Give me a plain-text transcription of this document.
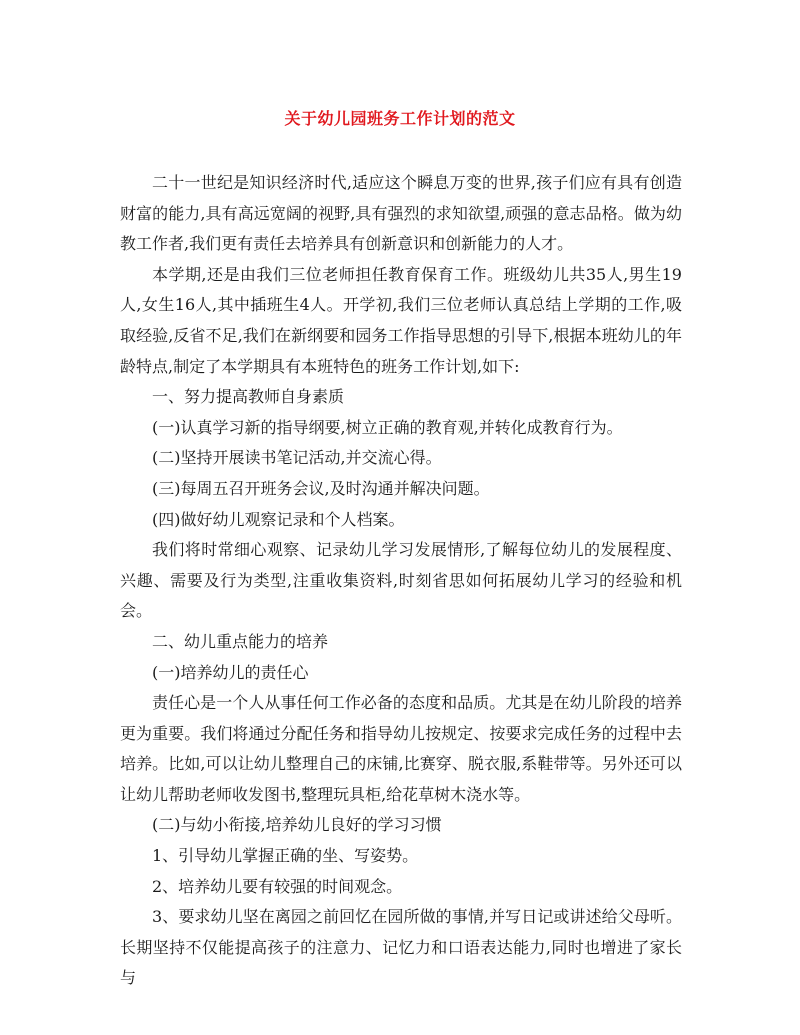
关于幼儿园班务工作计划的范文

二十一世纪是知识经济时代,适应这个瞬息万变的世界,孩子们应有具有创造财富的能力,具有高远宽阔的视野,具有强烈的求知欲望,顽强的意志品格。做为幼教工作者,我们更有责任去培养具有创新意识和创新能力的人才。

本学期,还是由我们三位老师担任教育保育工作。班级幼儿共35人,男生19人,女生16人,其中插班生4人。开学初,我们三位老师认真总结上学期的工作,吸取经验,反省不足,我们在新纲要和园务工作指导思想的引导下,根据本班幼儿的年龄特点,制定了本学期具有本班特色的班务工作计划,如下:

一、努力提高教师自身素质

(一)认真学习新的指导纲要,树立正确的教育观,并转化成教育行为。

(二)坚持开展读书笔记活动,并交流心得。

(三)每周五召开班务会议,及时沟通并解决问题。

(四)做好幼儿观察记录和个人档案。

我们将时常细心观察、记录幼儿学习发展情形,了解每位幼儿的发展程度、兴趣、需要及行为类型,注重收集资料,时刻省思如何拓展幼儿学习的经验和机会。

二、幼儿重点能力的培养

(一)培养幼儿的责任心

责任心是一个人从事任何工作必备的态度和品质。尤其是在幼儿阶段的培养更为重要。我们将通过分配任务和指导幼儿按规定、按要求完成任务的过程中去培养。比如,可以让幼儿整理自己的床铺,比赛穿、脱衣服,系鞋带等。另外还可以让幼儿帮助老师收发图书,整理玩具柜,给花草树木浇水等。

(二)与幼小衔接,培养幼儿良好的学习习惯

1、引导幼儿掌握正确的坐、写姿势。

2、培养幼儿要有较强的时间观念。

3、要求幼儿坚在离园之前回忆在园所做的事情,并写日记或讲述给父母听。长期坚持不仅能提高孩子的注意力、记忆力和口语表达能力,同时也增进了家长与
